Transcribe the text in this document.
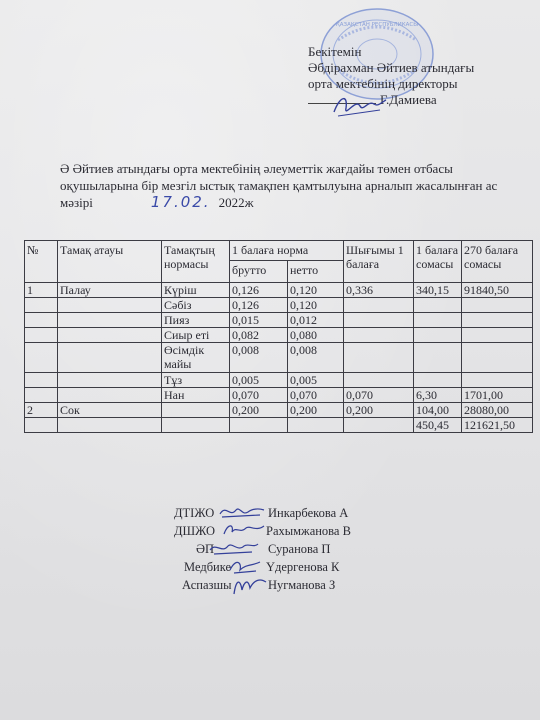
ҚАЗАҚСТАН РЕСПУБЛИКАСЫ
Бекітемін
Әбдірахман Әйтиев атындағы
орта мектебінің директоры
Г.Дамиева
Ә Әйтиев атындағы орта мектебінің әлеуметтік жағдайы төмен отбасы
оқушыларына бір мезгіл ыстық тамақпен қамтылуына арналып жасалынған ас
мәзірі	17.02. 2022ж
№	Тамақ атауы	Тамақтың нормасы	1 балаға норма		Шығымы 1 балаға	1 балаға сомасы	270 балаға сомасы
			брутто	нетто			
1	Палау	Күріш	0,126	0,120	0,336	340,15	91840,50
		Сәбіз	0,126	0,120			
		Пияз	0,015	0,012			
		Сиыр еті	0,082	0,080			
		Өсімдік майы	0,008	0,008			
		Тұз	0,005	0,005			
		Нан	0,070	0,070	0,070	6,30	1701,00
2	Сок		0,200	0,200	0,200	104,00	28080,00
						450,45	121621,50
ДТІЖО	Инкарбекова А
ДШЖО	Рахымжанова В
ӘП	Суранова П
Медбике	Үдергенова К
Аспазшы	Нугманова З
